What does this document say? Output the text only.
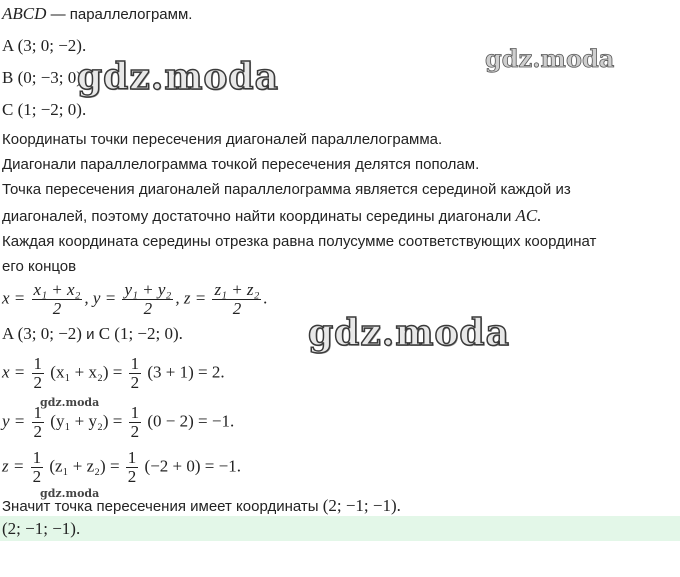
gdz.moda
ABCD — параллелограмм.
A (3; 0; −2).
B (0; −3; 0).
C (1; −2; 0).
gdz.moda
Координаты точки пересечения диагоналей параллелограмма.
Диагонали параллелограмма точкой пересечения делятся пополам.
Точка пересечения диагоналей параллелограмма является серединой каждой из
диагоналей, поэтому достаточно найти координаты середины диагонали AC.
Каждая координата середины отрезка равна полусумме соответствующих координат
его концов
$x = \frac{\text{x₁ + x₂}}{2}$ , $y = \frac{\text{y₁ + y₂}}{2}$ , $z = \frac{\text{z₁ + z₂}}{2}$ .
A (3; 0; −2) и C (1; −2; 0).	gdz.moda
$x = \frac{1}{2} (x_1 + x_2) = \frac{1}{2} (3 + 1) = 2$.
gdz.moda
$y = \frac{1}{2} (y_1 + y_2) = \frac{1}{2} (0 - 2) = -1$.
$z = \frac{1}{2} (z_1 + z_2) = \frac{1}{2} (-2 + 0) = -1$.
gdz.moda
Значит точка пересечения имеет координаты (2; −1; −1).
(2; −1; −1).
